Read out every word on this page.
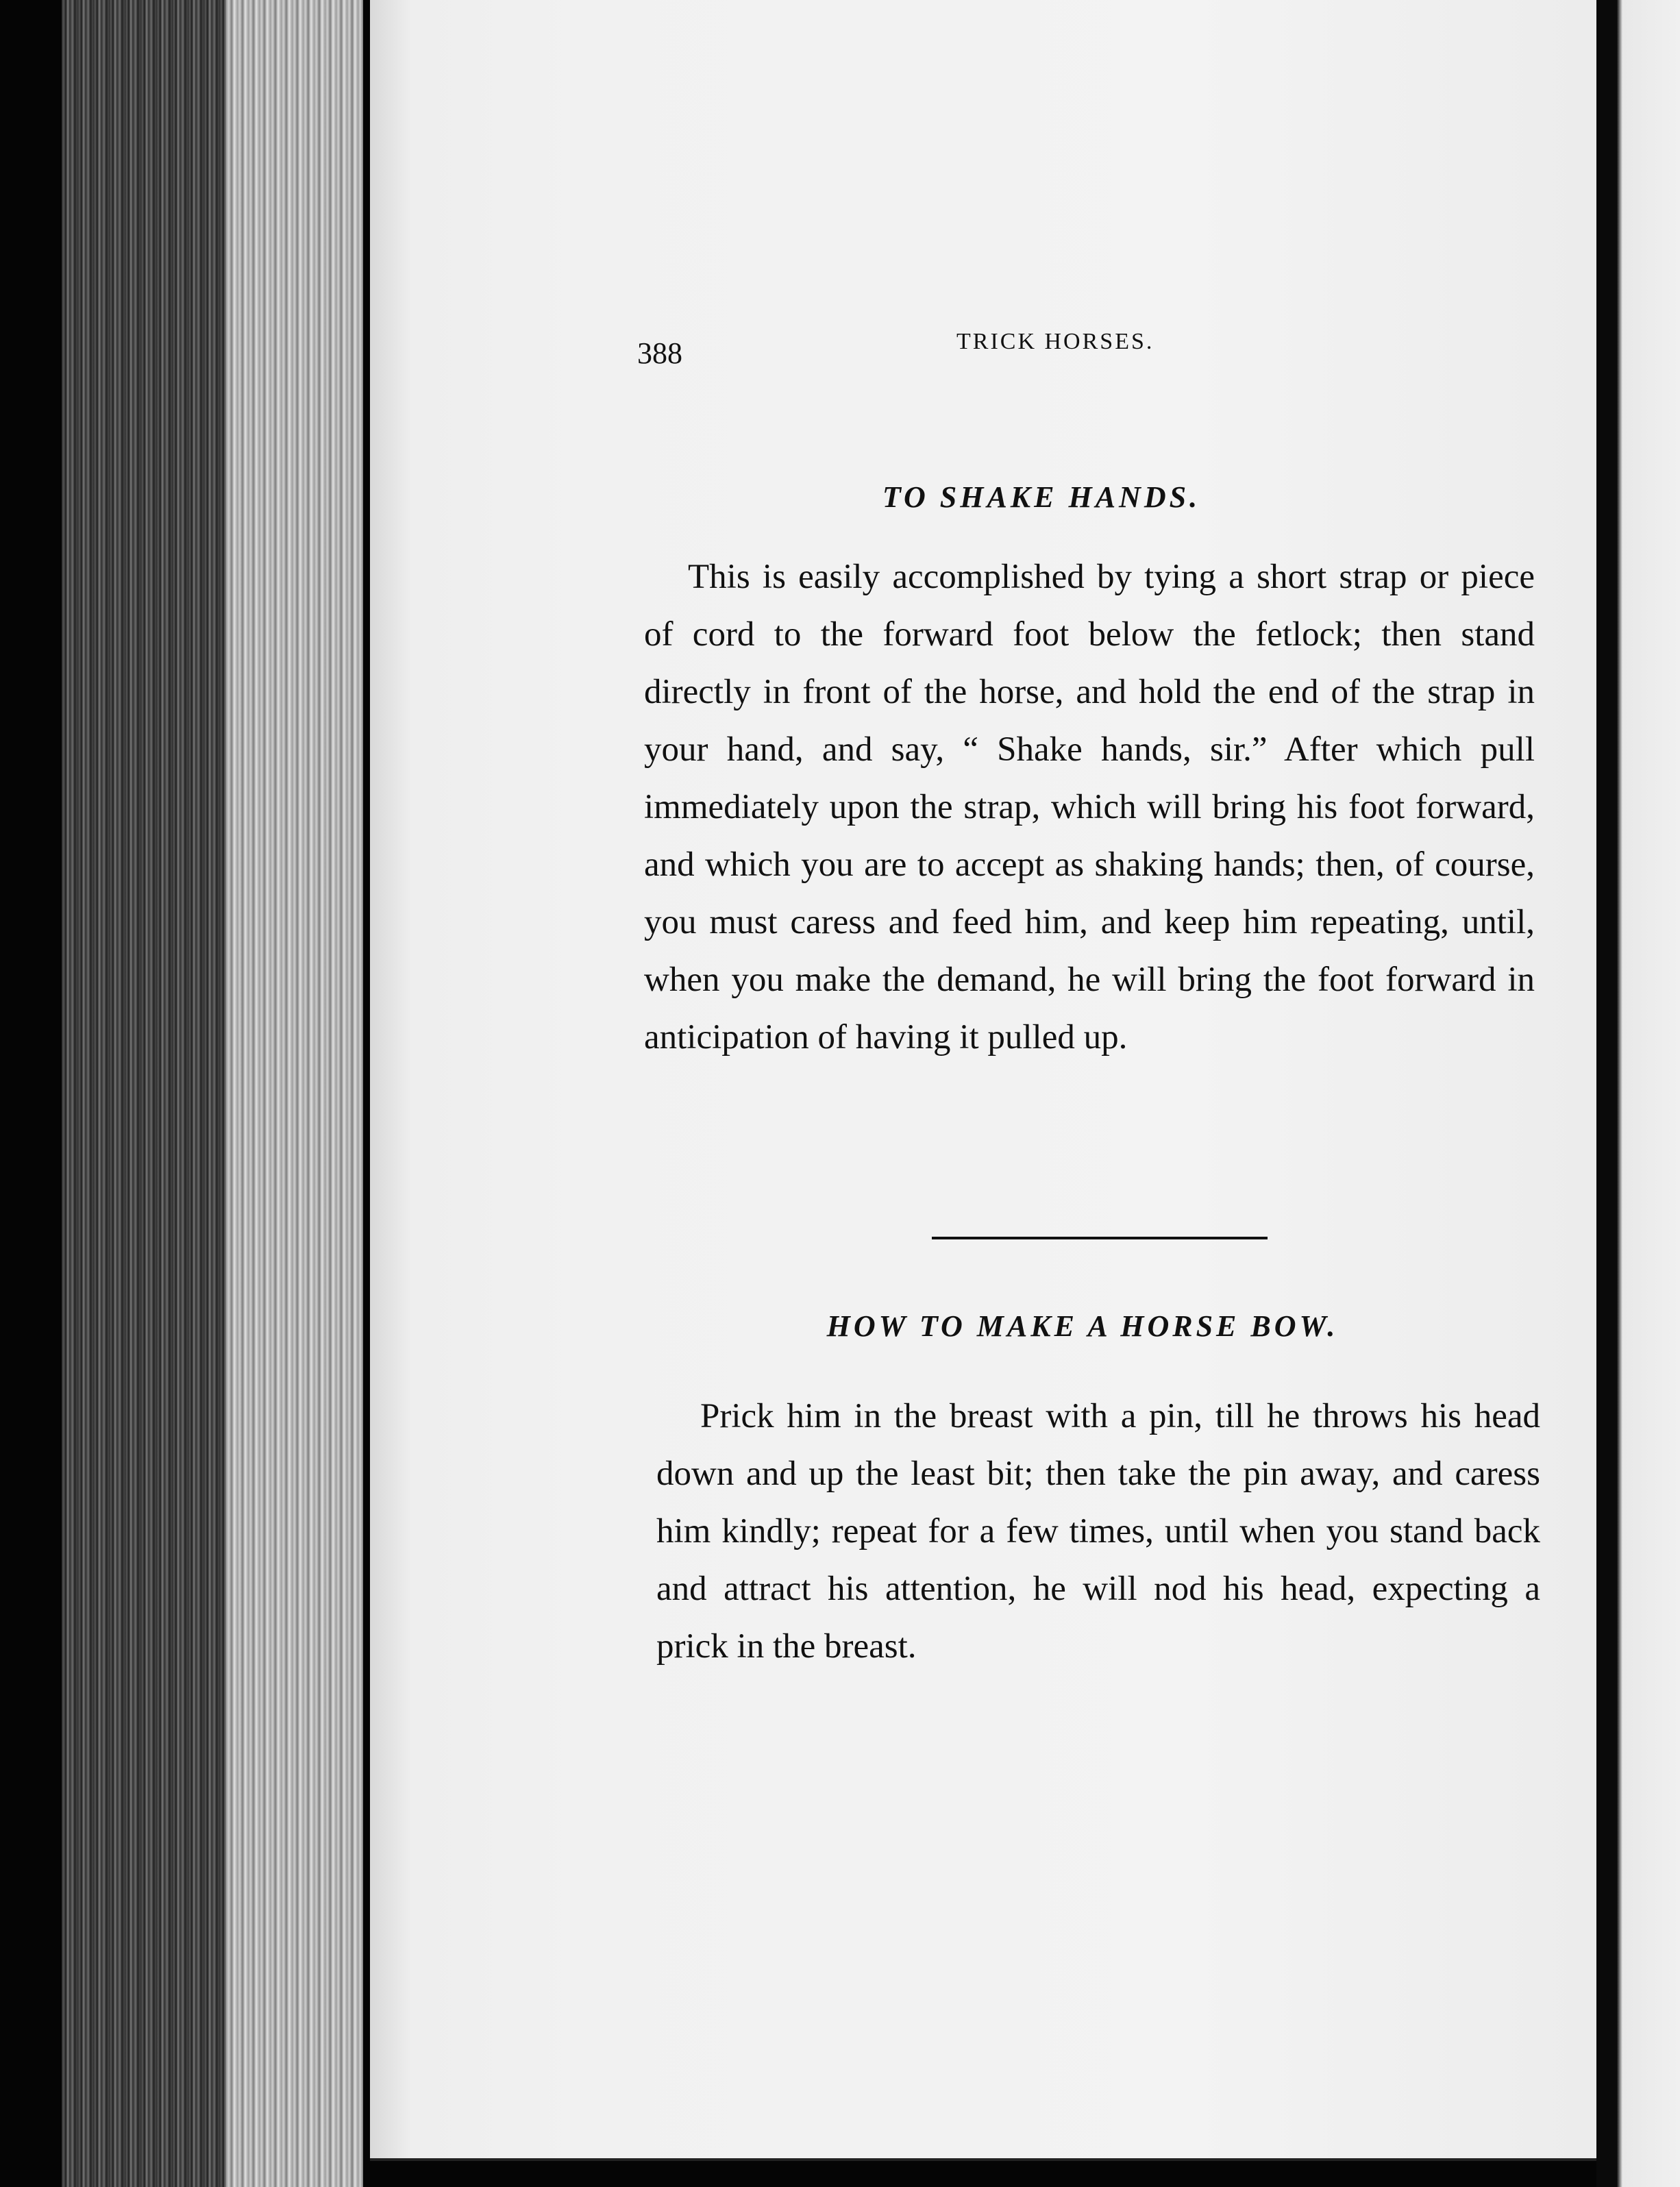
388	TRICK HORSES.
TO SHAKE HANDS.

This is easily accomplished by tying a short strap or piece of cord to the forward foot below the fetlock; then stand directly in front of the horse, and hold the end of the strap in your hand, and say, “ Shake hands, sir.” After which pull immediately upon the strap, which will bring his foot forward, and which you are to accept as shaking hands; then, of course, you must caress and feed him, and keep him repeating, until, when you make the demand, he will bring the foot forward in anticipation of having it pulled up.

HOW TO MAKE A HORSE BOW.

Prick him in the breast with a pin, till he throws his head down and up the least bit; then take the pin away, and caress him kindly; repeat for a few times, until when you stand back and attract his attention, he will nod his head, expecting a prick in the breast.
